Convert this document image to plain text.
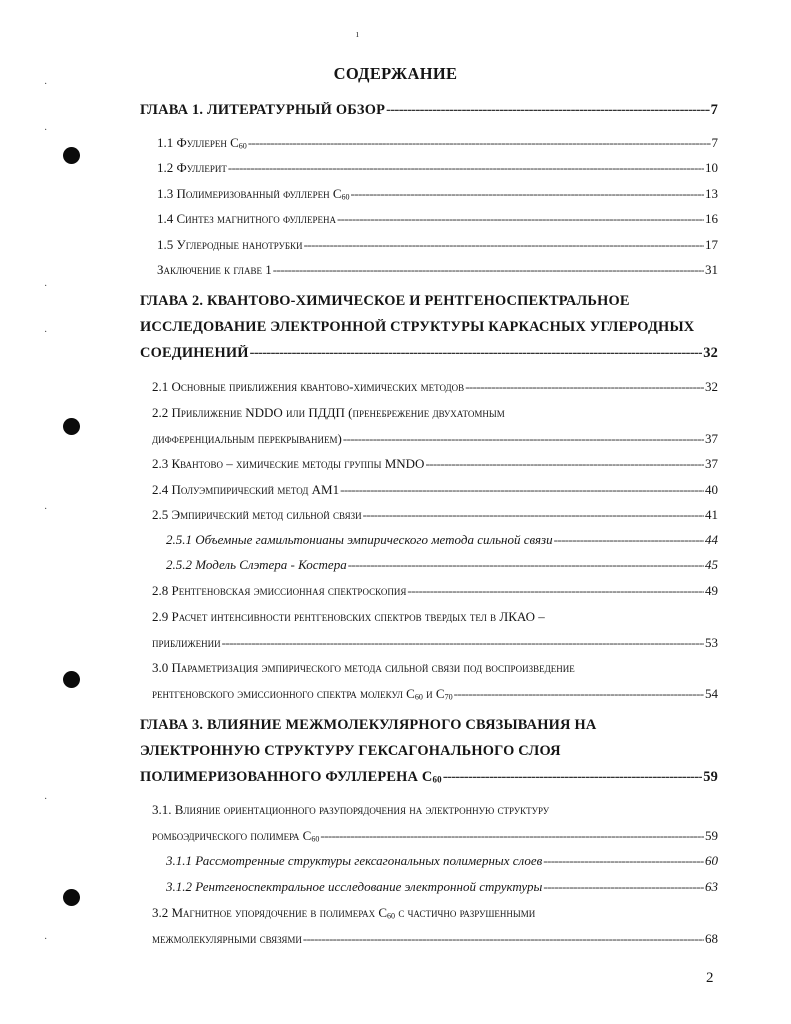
·
·
·
·
·
·
·
ı
СОДЕРЖАНИЕ
ГЛАВА 1. ЛИТЕРАТУРНЫЙ ОБЗОР -----	7
1.1 Фуллерен $С_{60}$ -----	7
1.2 Фуллерит -----	10
1.3 Полимеризованный фуллерен $С_{60}$ -----	13
1.4 Синтез магнитного фуллерена -----	16
1.5 Углеродные нанотрубки -----	17
Заключение к главе 1 -----	31
ГЛАВА 2. КВАНТОВО-ХИМИЧЕСКОЕ И РЕНТГЕНОСПЕКТРАЛЬНОЕ
ИССЛЕДОВАНИЕ ЭЛЕКТРОННОЙ СТРУКТУРЫ КАРКАСНЫХ УГЛЕРОДНЫХ
СОЕДИНЕНИЙ -----	32
2.1 Основные приближения квантово-химических методов -----	32
2.2 Приближение NDDO или ПДДП (пренебрежение двухатомным
дифференциальным перекрыванием) -----	37
2.3 Квантово – химические методы группы MNDO -----	37
2.4 Полуэмпирический метод AM1 -----	40
2.5 Эмпирический метод сильной связи -----	41
2.5.1 Объемные гамильтонианы эмпирического метода сильной связи -----	44
2.5.2 Модель Слэтера - Костера -----	45
2.8 Рентгеновская эмиссионная спектроскопия -----	49
2.9 Расчет интенсивности рентгеновских спектров твердых тел в ЛКАО –
приближении -----	53
3.0 Параметризация эмпирического метода сильной связи под воспроизведение
рентгеновского эмиссионного спектра молекул $С_{60}$ и $С_{70}$ -----	54
ГЛАВА 3. ВЛИЯНИЕ МЕЖМОЛЕКУЛЯРНОГО СВЯЗЫВАНИЯ НА
ЭЛЕКТРОННУЮ СТРУКТУРУ ГЕКСАГОНАЛЬНОГО СЛОЯ
ПОЛИМЕРИЗОВАННОГО ФУЛЛЕРЕНА $С_{60}$ -----	59
3.1. Влияние ориентационного разупорядочения на электронную структуру
ромбоэдрического полимера $С_{60}$ -----	59
3.1.1 Рассмотренные структуры гексагональных полимерных слоев -----	60
3.1.2 Рентгеноспектральное исследование электронной структуры -----	63
3.2 Магнитное упорядочение в полимерах $С_{60}$ с частично разрушенными
межмолекулярными связями -----	68
2
